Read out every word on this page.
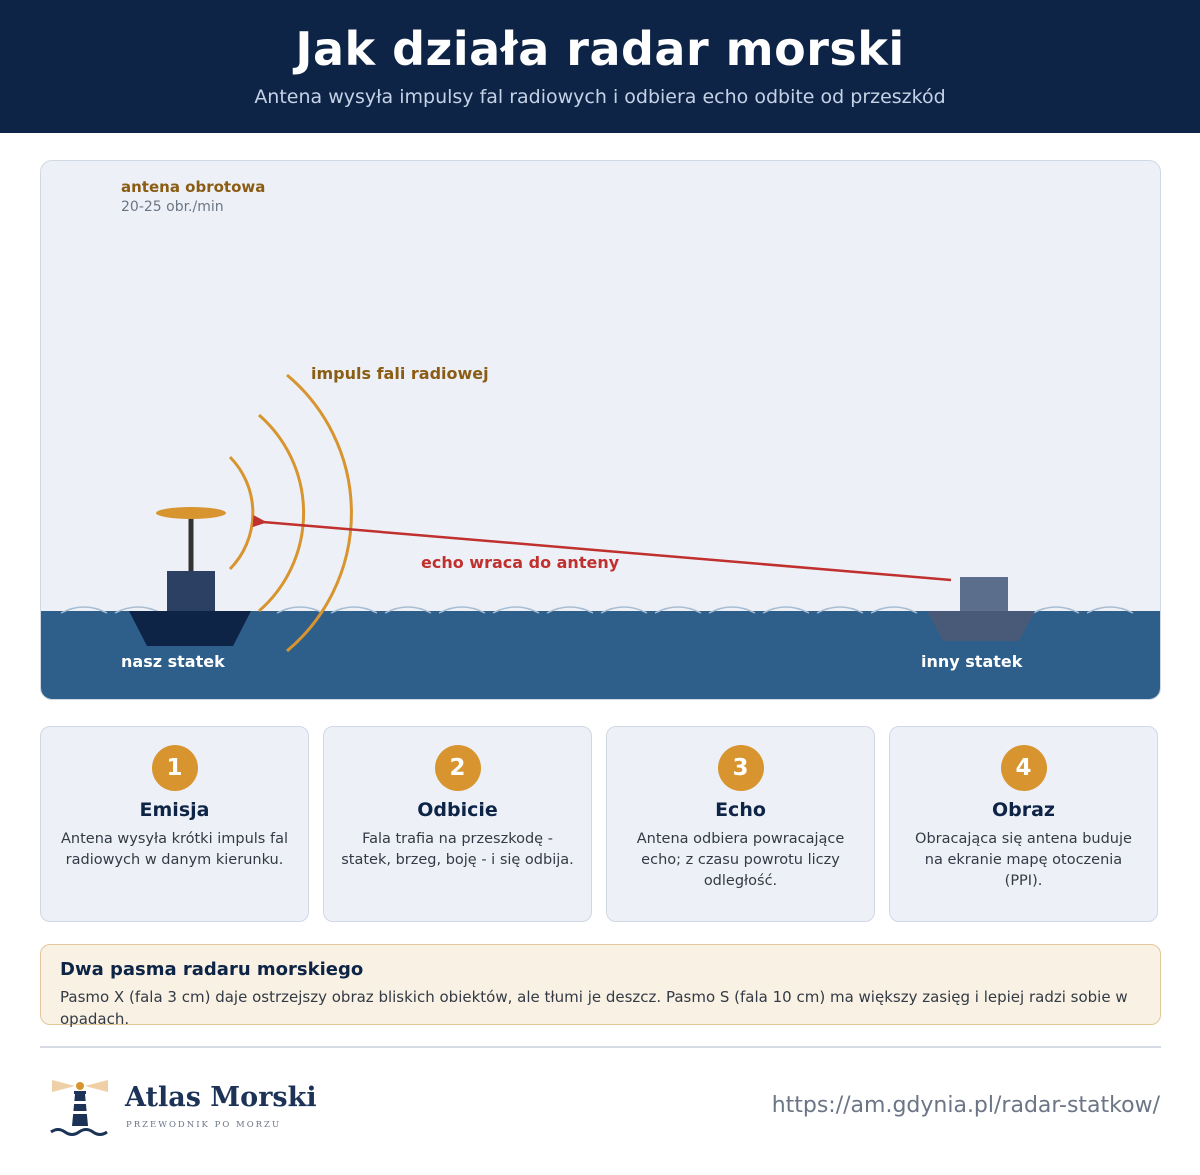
Jak działa radar morski
Antena wysyła impulsy fal radiowych i odbiera echo odbite od przeszkód
antena obrotowa
20-25 obr./min
impuls fali radiowej
echo wraca do anteny
nasz statek	inny statek
1
Emisja
Antena wysyła krótki impuls fal radiowych w danym kierunku.
2
Odbicie
Fala trafia na przeszkodę - statek, brzeg, boję - i się odbija.
3
Echo
Antena odbiera powracające echo; z czasu powrotu liczy odległość.
4
Obraz
Obracająca się antena buduje na ekranie mapę otoczenia (PPI).
Dwa pasma radaru morskiego
Pasmo X (fala 3 cm) daje ostrzejszy obraz bliskich obiektów, ale tłumi je deszcz. Pasmo S (fala 10 cm) ma większy zasięg i lepiej radzi sobie w opadach.
Atlas Morski
PRZEWODNIK PO MORZU
https://am.gdynia.pl/radar-statkow/
